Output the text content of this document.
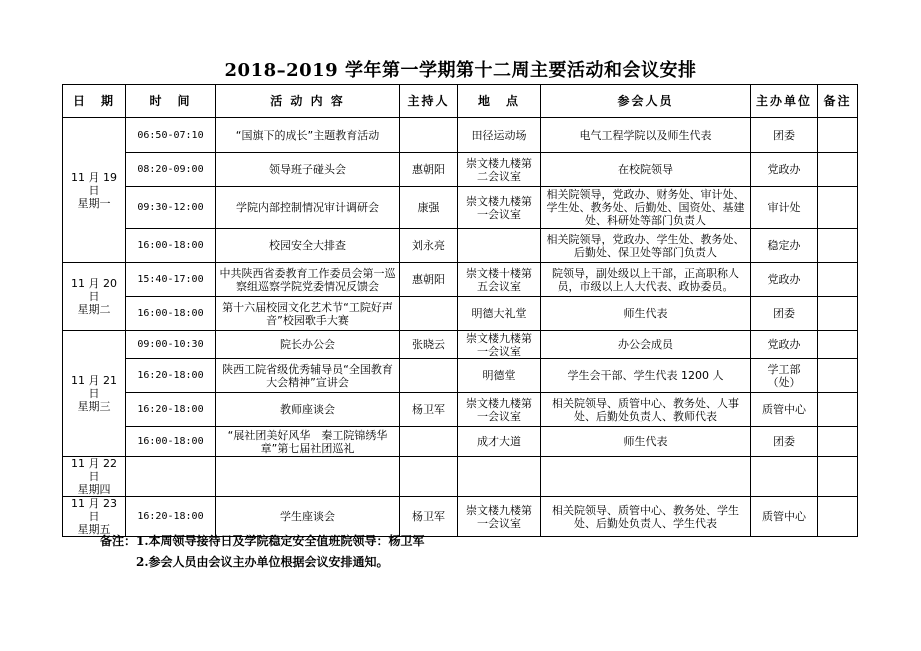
2018–2019 学年第一学期第十二周主要活动和会议安排
日　期	时　间	活 动 内 容	主持人	地　点	参会人员	主办单位	备注

11 月 19 日
星期一	06:50-07:10	“国旗下的成长”主题教育活动		田径运动场	电气工程学院以及师生代表	团委	
	08:20-09:00	领导班子碰头会	惠朝阳	崇文楼九楼第二会议室	在校院领导	党政办	
	09:30-12:00	学院内部控制情况审计调研会	康强	崇文楼九楼第一会议室	相关院领导，党政办、财务处、审计处、学生处、教务处、后勤处、国资处、基建处、科研处等部门负责人	审计处	
	16:00-18:00	校园安全大排查	刘永亮		相关院领导，党政办、学生处、教务处、后勤处、保卫处等部门负责人	稳定办	

11 月 20 日
星期二	15:40-17:00	中共陕西省委教育工作委员会第一巡察组巡察学院党委情况反馈会	惠朝阳	崇文楼十楼第五会议室	院领导，副处级以上干部，正高职称人员，市级以上人大代表、政协委员。	党政办	
	16:00-18:00	第十六届校园文化艺术节“工院好声音”校园歌手大赛		明德大礼堂	师生代表	团委	

11 月 21 日
星期三	09:00-10:30	院长办公会	张晓云	崇文楼九楼第一会议室	办公会成员	党政办	
	16:20-18:00	陕西工院省级优秀辅导员“全国教育大会精神”宣讲会		明德堂	学生会干部、学生代表 1200 人	学工部（处）	
	16:20-18:00	教师座谈会	杨卫军	崇文楼九楼第一会议室	相关院领导、质管中心、教务处、人事处、后勤处负责人、教师代表	质管中心	
	16:00-18:00	“展社团美好风华　秦工院锦绣华章”第七届社团巡礼		成才大道	师生代表	团委	

11 月 22 日
星期四							

11 月 23 日
星期五	16:20-18:00	学生座谈会	杨卫军	崇文楼九楼第一会议室	相关院领导、质管中心、教务处、学生处、后勤处负责人、学生代表	质管中心	
备注：1.本周领导接待日及学院稳定安全值班院领导：杨卫军
2.参会人员由会议主办单位根据会议安排通知。
